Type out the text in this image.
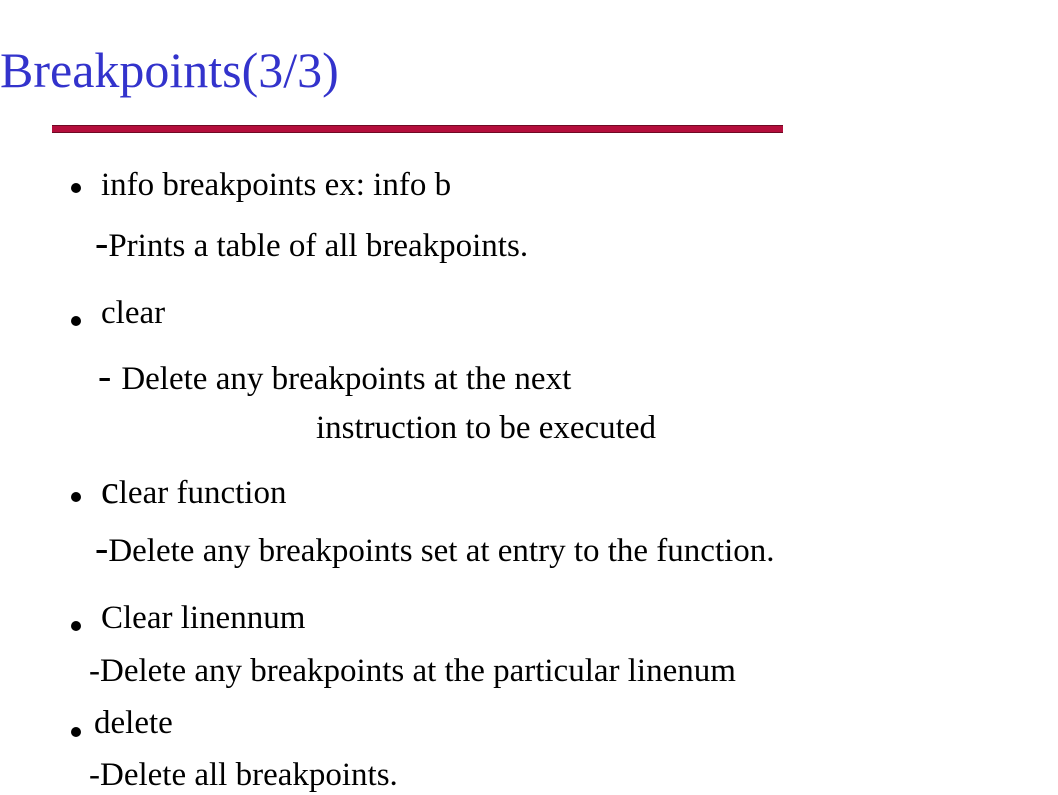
Breakpoints(3/3)
info breakpoints ex: info b
-Prints a table of all breakpoints.
clear
- Delete any breakpoints at the next
instruction to be executed
clear function
-Delete any breakpoints set at entry to the function.
Clear linennum
-Delete any breakpoints at the particular linenum
delete
-Delete all breakpoints.
